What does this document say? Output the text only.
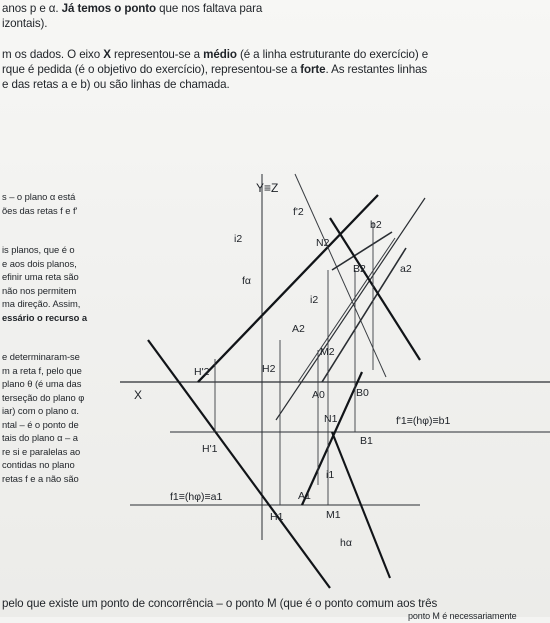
anos p e α. Já temos o ponto que nos faltava para
izontais).
m os dados. O eixo X representou-se a médio (é a linha estruturante do exercício) e
rque é pedida (é o objetivo do exercício), representou-se a forte. As restantes linhas
e das retas a e b) ou são linhas de chamada.
s – o plano α está
ões das retas f e f'
is planos, que é o
e aos dois planos,
efinir uma reta são
não nos permitem
ma direção. Assim,
essário o recurso a
e determinaram-se
m a reta f, pelo que
plano θ (é uma das
terseção do plano φ
iar) com o plano α.
ntal – é o ponto de
tais do plano α – a
re si e paralelas ao
contidas no plano
retas f e a não são
X
Y≡Z
f'2
i2
fα
N2
b2
B2	a2
i2
A2
M2
H'2	H2
A0	B0
N1	f'1≡(hφ)≡b1
B1
H'1
i1
f1≡(hφ)≡a1	A1
H1	M1
hα
pelo que existe um ponto de concorrência – o ponto M (que é o ponto comum aos três
ponto M é necessariamente
